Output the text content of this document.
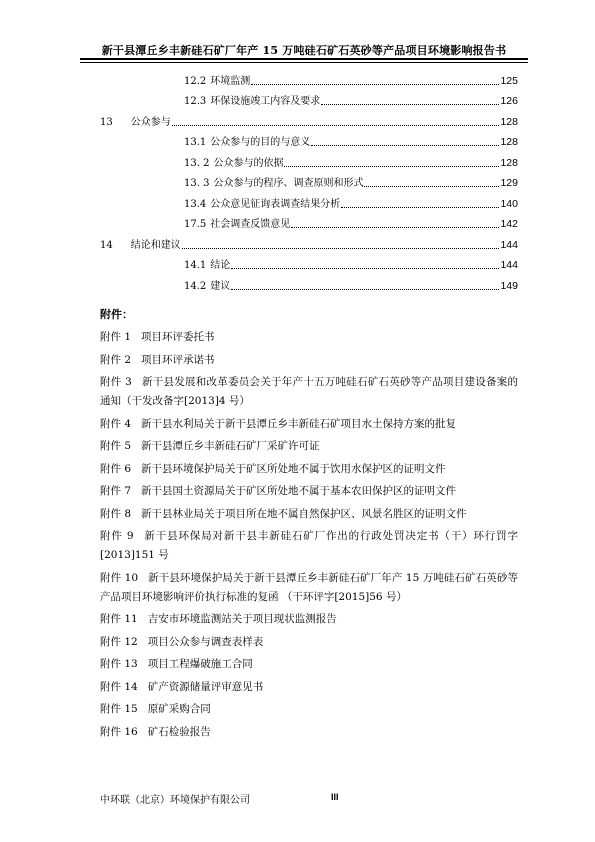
新干县潭丘乡丰新硅石矿厂年产 15 万吨硅石矿石英砂等产品项目环境影响报告书
12.2 环境监测	125
12.3 环保设施竣工内容及要求	126
13	公众参与	128
13.1 公众参与的目的与意义	128
13. 2 公众参与的依据	128
13. 3 公众参与的程序、调查原则和形式	129
13.4 公众意见征询表调查结果分析	140
17.5 社会调查反馈意见	142
14	结论和建议	144
14.1 结论	144
14.2 建议	149
附件：
附件 1 项目环评委托书
附件 2 项目环评承诺书
附件 3 新干县发展和改革委员会关于年产十五万吨硅石矿石英砂等产品项目建设备案的通知（干发改备字[2013]4 号）
附件 4 新干县水利局关于新干县潭丘乡丰新硅石矿项目水土保持方案的批复
附件 5 新干县潭丘乡丰新硅石矿厂采矿许可证
附件 6 新干县环境保护局关于矿区所处地不属于饮用水保护区的证明文件
附件 7 新干县国土资源局关于矿区所处地不属于基本农田保护区的证明文件
附件 8 新干县林业局关于项目所在地不属自然保护区、风景名胜区的证明文件
附件 9 新干县环保局对新干县丰新硅石矿厂作出的行政处罚决定书（干）环行罚字[2013]151 号
附件 10 新干县环境保护局关于新干县潭丘乡丰新硅石矿厂年产 15 万吨硅石矿石英砂等产品项目环境影响评价执行标准的复函 （干环评字[2015]56 号）
附件 11 吉安市环境监测站关于项目现状监测报告
附件 12 项目公众参与调查表样表
附件 13 项目工程爆破施工合同
附件 14 矿产资源储量评审意见书
附件 15 原矿采购合同
附件 16 矿石检验报告
中环联（北京）环境保护有限公司	III
